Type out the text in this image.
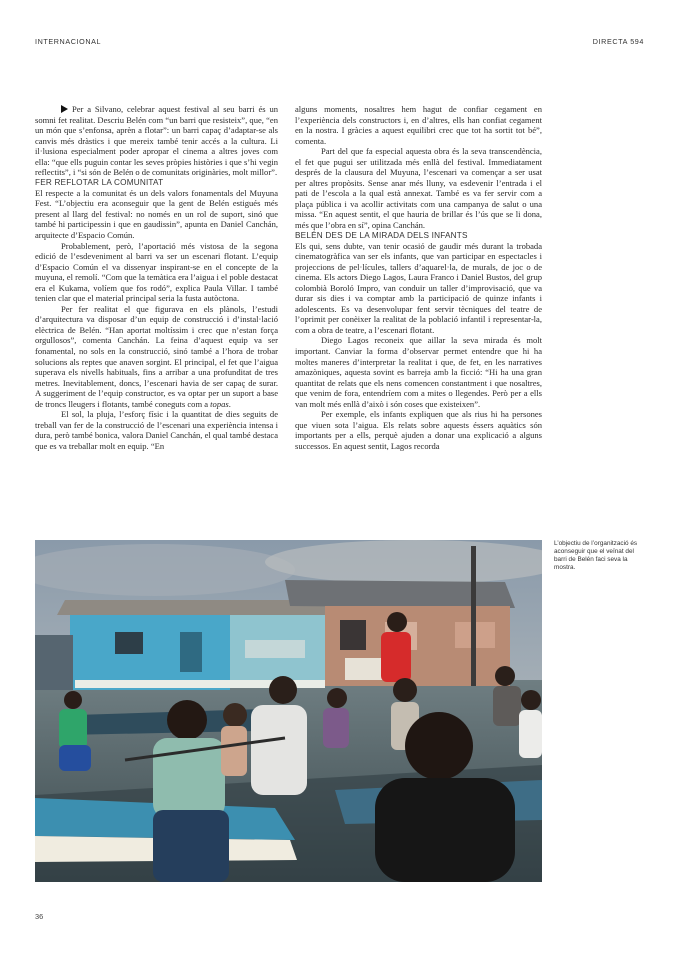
INTERNACIONAL	DIRECTA 594

Per a Silvano, celebrar aquest festival al seu barri és un somni fet realitat. Descriu Belén com “un barri que resisteix”, que, “en un món que s’enfonsa, aprèn a flotar”: un barri capaç d’adaptar-se als canvis més dràstics i que mereix també tenir accés a la cultura. Li il·lusiona especialment poder apropar el cinema a altres joves com ella: “que ells puguin contar les seves pròpies històries i que s’hi vegin reflectits”, i “si són de Belén o de comunitats originàries, molt millor”.

FER REFLOTAR LA COMUNITAT

El respecte a la comunitat és un dels valors fonamentals del Muyuna Fest. “L’objectiu era aconseguir que la gent de Belén estigués més present al llarg del festival: no només en un rol de suport, sinó que també hi participessin i que en gaudissin”, apunta en Daniel Canchán, arquitecte d’Espacio Común.

Probablement, però, l’aportació més vistosa de la segona edició de l’esdeveniment al barri va ser un escenari flotant. L’equip d’Espacio Común el va dissenyar inspirant-se en el concepte de la muyuna, el remolí. “Com que la temàtica era l’aigua i el poble destacat era el Kukama, volíem que fos rodó”, explica Paula Villar. I també tenien clar que el material principal seria la fusta autòctona.

Per fer realitat el que figurava en els plànols, l’estudi d’arquitectura va disposar d’un equip de construcció i d’instal·lació elèctrica de Belén. “Han aportat moltíssim i crec que n’estan força orgullosos”, comenta Canchán. La feina d’aquest equip va ser fonamental, no sols en la construcció, sinó també a l’hora de trobar solucions als reptes que anaven sorgint. El principal, el fet que l’aigua superava els nivells habituals, fins a arribar a una profunditat de tres metres. Inevitablement, doncs, l’escenari havia de ser capaç de surar. A suggeriment de l’equip constructor, es va optar per un suport a base de troncs lleugers i flotants, també coneguts com a topas.

El sol, la pluja, l’esforç físic i la quantitat de dies seguits de treball van fer de la construcció de l’escenari una experiència intensa i dura, però també bonica, valora Daniel Canchán, el qual també destaca que es va treballar molt en equip. “En

alguns moments, nosaltres hem hagut de confiar cegament en l’experiència dels constructors i, en d’altres, ells han confiat cegament en la nostra. I gràcies a aquest equilibri crec que tot ha sortit tot bé”, comenta.

Part del que fa especial aquesta obra és la seva transcendència, el fet que pugui ser utilitzada més enllà del festival. Immediatament després de la clausura del Muyuna, l’escenari va començar a ser usat per altres propòsits. Sense anar més lluny, va esdevenir l’entrada i el pati de l’escola a la qual està annexat. També es va fer servir com a plaça pública i va acollir activitats com una campanya de salut o una missa. “En aquest sentit, el que hauria de brillar és l’ús que se li dona, més que l’obra en sí”, opina Canchán.

BELÉN DES DE LA MIRADA DELS INFANTS

Els qui, sens dubte, van tenir ocasió de gaudir més durant la trobada cinematogràfica van ser els infants, que van participar en espectacles i projeccions de pel·lícules, tallers d’aquarel·la, de murals, de joc o de cinema. Els actors Diego Lagos, Laura Franco i Daniel Bustos, del grup colombià Boroló Impro, van conduir un taller d’improvisació, que va durar sis dies i va comptar amb la participació de quinze infants i adolescents. Es va desenvolupar fent servir tècniques del teatre de l’oprimit per conèixer la realitat de la població infantil i representar-la, com a obra de teatre, a l’escenari flotant.

Diego Lagos reconeix que aillar la seva mirada és molt important. Canviar la forma d’observar permet entendre que hi ha moltes maneres d’interpretar la realitat i que, de fet, en les narratives amazòniques, aquesta sovint es barreja amb la ficció: “Hi ha una gran quantitat de relats que els nens comencen constantment i que nosaltres, que venim de fora, entendríem com a mites o llegendes. Però per a ells van molt més enllà d’això i són coses que existeixen”.

Per exemple, els infants expliquen que als rius hi ha persones que viuen sota l’aigua. Els relats sobre aquests éssers aquàtics són importants per a ells, perquè ajuden a donar una explicació a alguns successos. En aquest sentit, Lagos recorda

L’objectiu de l’organització és aconseguir que el veïnat del barri de Belén faci seva la mostra.
36
